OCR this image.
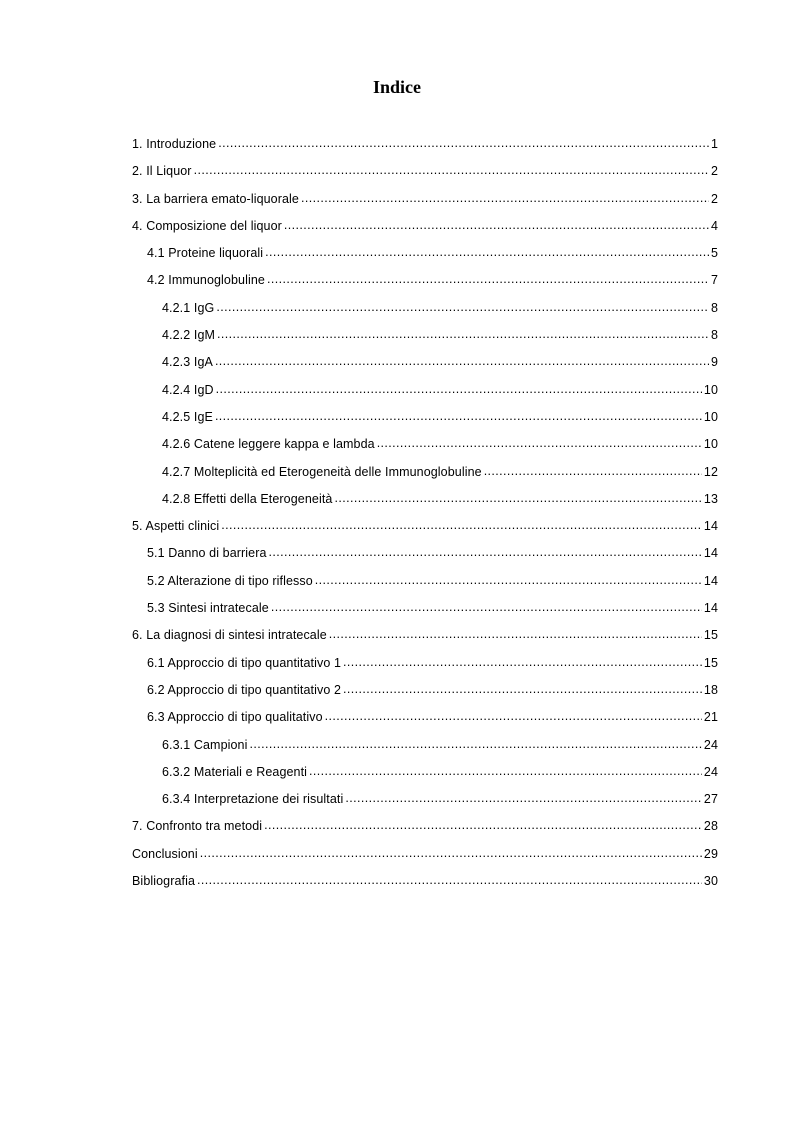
Indice
1. Introduzione .....	1
2. Il Liquor .....	2
3. La barriera emato-liquorale .....	2
4. Composizione del liquor .....	4
4.1 Proteine liquorali .....	5
4.2 Immunoglobuline .....	7
4.2.1 IgG .....	8
4.2.2 IgM .....	8
4.2.3 IgA .....	9
4.2.4 IgD .....	10
4.2.5 IgE .....	10
4.2.6 Catene leggere kappa e lambda .....	10
4.2.7 Molteplicità ed Eterogeneità delle Immunoglobuline .....	12
4.2.8 Effetti della Eterogeneità .....	13
5. Aspetti clinici .....	14
5.1 Danno di barriera .....	14
5.2 Alterazione di tipo riflesso .....	14
5.3 Sintesi intratecale .....	14
6. La diagnosi di sintesi intratecale .....	15
6.1 Approccio di tipo quantitativo 1 .....	15
6.2 Approccio di tipo quantitativo 2 .....	18
6.3 Approccio di tipo qualitativo .....	21
6.3.1 Campioni .....	24
6.3.2 Materiali e Reagenti .....	24
6.3.4 Interpretazione dei risultati .....	27
7. Confronto tra metodi .....	28
Conclusioni .....	29
Bibliografia .....	30
